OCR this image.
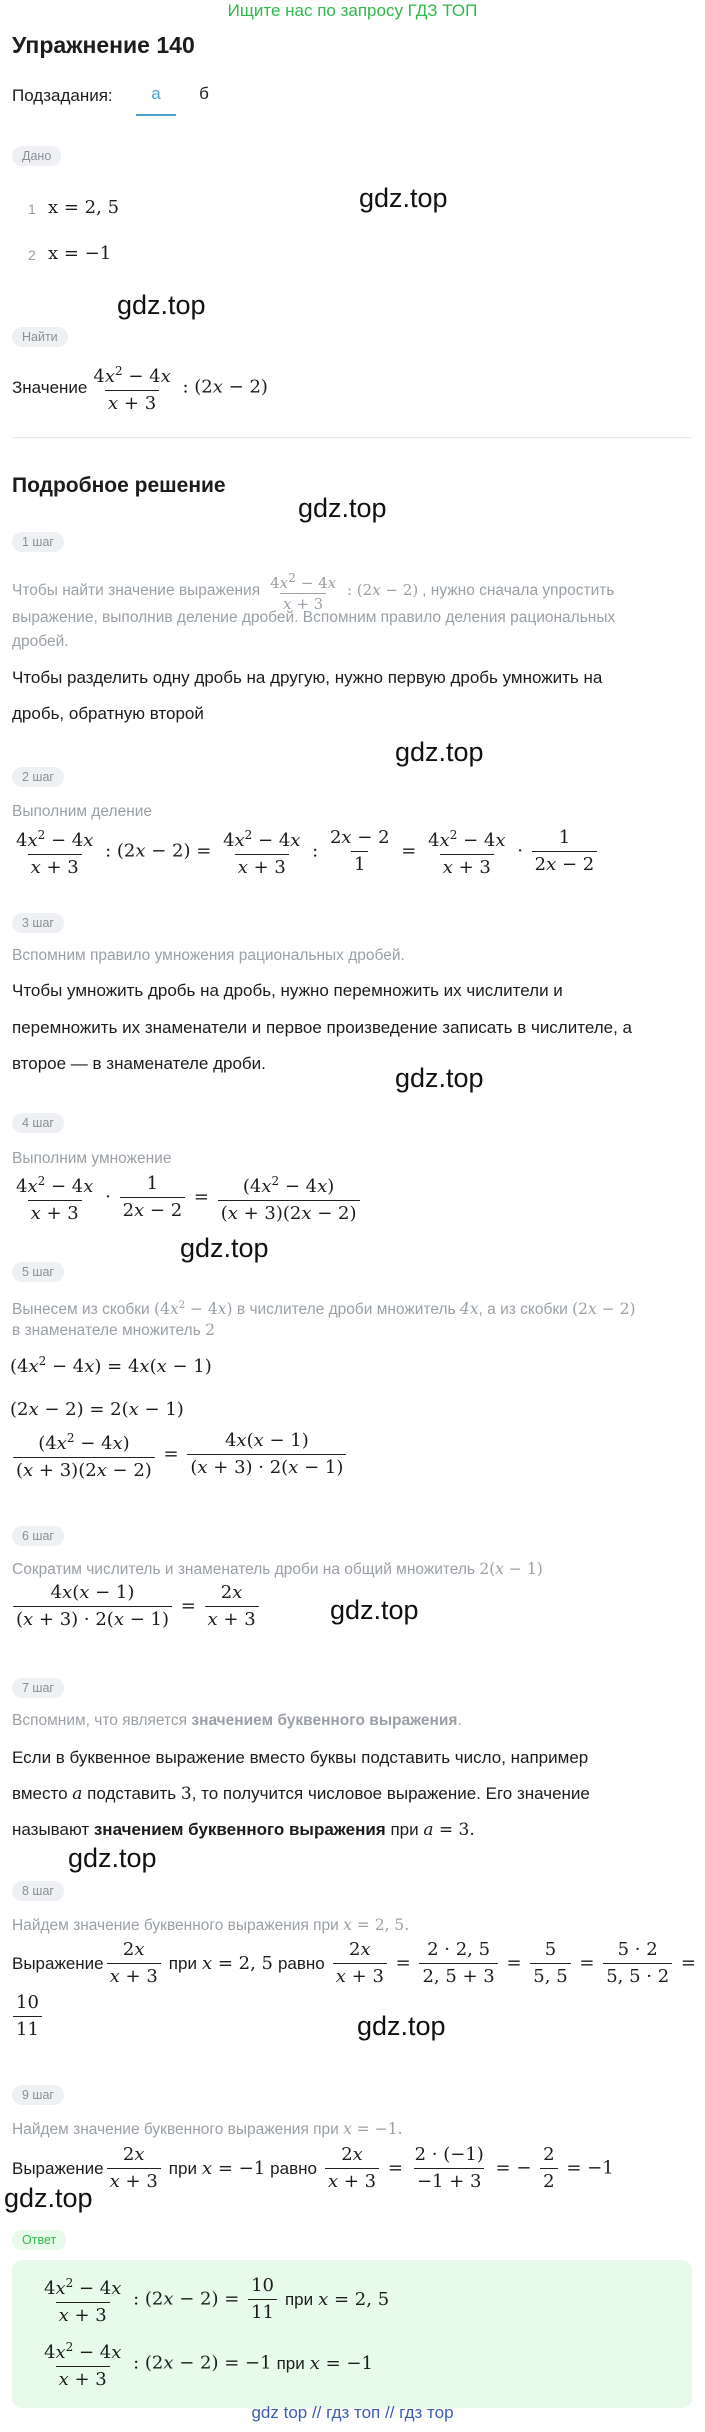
Ищите нас по запросу ГДЗ ТОП
Упражнение 140
Подзадания:	а	б
Дано
1 x = 2, 5
2 x = −1
gdz.top
gdz.top
Найти
Значение $\frac{4x^2 - 4x}{x + 3}$ : (2x − 2)
Подробное решение
gdz.top
1 шаг
Чтобы найти значение выражения $\frac{4x^2 - 4x}{x + 3}$ : (2x − 2) , нужно сначала упростить
выражение, выполнив деление дробей. Вспомним правило деления рациональных
дробей.
Чтобы разделить одну дробь на другую, нужно первую дробь умножить на
дробь, обратную второй
gdz.top
2 шаг
Выполним деление
$\frac{4x^2 - 4x}{x + 3}$ : $(2x - 2) = \frac{4x^2 - 4x}{x + 3}$ : $\frac{2x - 2}{1} = \frac{4x^2 - 4x}{x + 3} \cdot \frac{1}{2x - 2}$
3 шаг
Вспомним правило умножения рациональных дробей.
Чтобы умножить дробь на дробь, нужно перемножить их числители и
перемножить их знаменатели и первое произведение записать в числителе, а
второе — в знаменателе дроби.	gdz.top
4 шаг
Выполним умножение
$\frac{4x^2 - 4x}{x + 3} \cdot \frac{1}{2x - 2} = \frac{(4x^2 - 4x)}{(x + 3)(2x - 2)}$
gdz.top
5 шаг
Вынесем из скобки $(4x^2 - 4x)$ в числителе дроби множитель 4x, а из скобки (2x − 2)
в знаменателе множитель 2
$(4x^2 - 4x) = 4x(x - 1)$
(2x − 2) = 2(x − 1)
$\frac{(4x^2 - 4x)}{(x + 3)(2x - 2)} = \frac{4x(x - 1)}{(x + 3) \cdot 2(x - 1)}$
6 шаг
Сократим числитель и знаменатель дроби на общий множитель 2(x − 1)
$\frac{4x(x - 1)}{(x + 3) \cdot 2(x - 1)} = \frac{2x}{x + 3}$	gdz.top
7 шаг
Вспомним, что является значением буквенного выражения.
Если в буквенное выражение вместо буквы подставить число, например
вместо a подставить 3, то получится числовое выражение. Его значение
называют значением буквенного выражения при a = 3.
gdz.top
8 шаг
Найдем значение буквенного выражения при x = 2, 5.
Выражение $\frac{2x}{x + 3}$ при x = 2, 5 равно $\frac{2x}{x + 3} = \frac{2 \cdot 2, 5}{2, 5 + 3} = \frac{5}{5, 5} = \frac{5 \cdot 2}{5, 5 \cdot 2}$ =
$\frac{10}{11}$	gdz.top
9 шаг
Найдем значение буквенного выражения при x = −1.
Выражение $\frac{2x}{x + 3}$ при x = −1 равно $\frac{2x}{x + 3} = \frac{2 \cdot (-1)}{-1 + 3}$ = − $\frac{2}{2} = -1$
gdz.top
Ответ
$\frac{4x^2 - 4x}{x + 3}$ : $(2x - 2) = \frac{10}{11}$ при x = 2, 5
$\frac{4x^2 - 4x}{x + 3}$ : (2x − 2) = −1 при x = −1
gdz top // гдз топ // гдз тор
